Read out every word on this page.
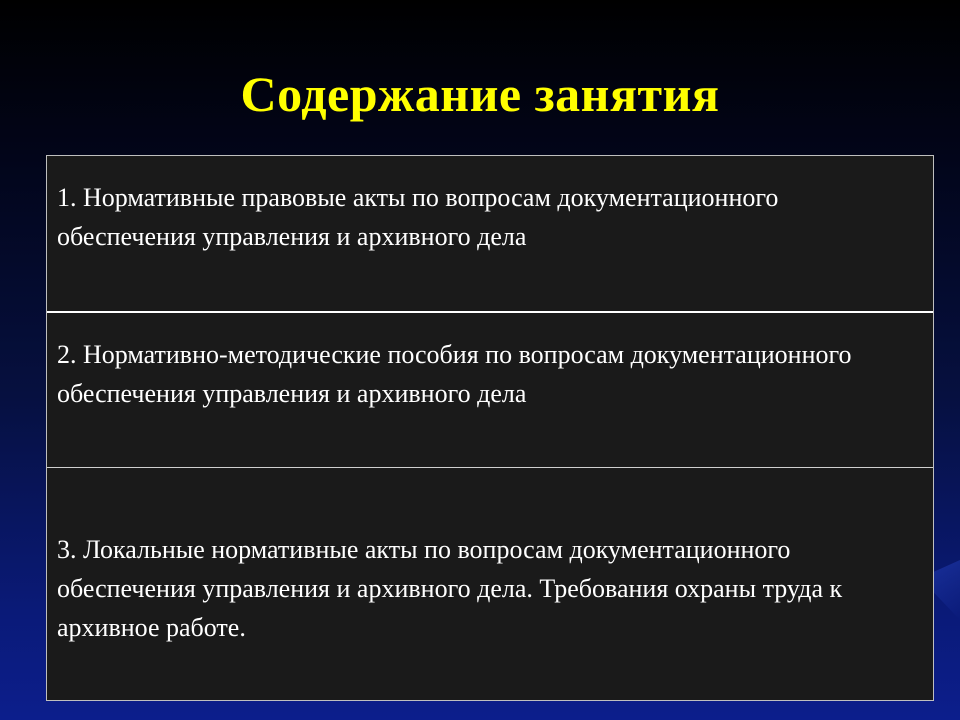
Содержание занятия
1. Нормативные правовые акты по вопросам документационного обеспечения управления и архивного дела
2. Нормативно-методические пособия по вопросам документационного обеспечения управления и архивного дела
3. Локальные нормативные акты по вопросам документационного обеспечения управления и архивного дела. Требования охраны труда к архивное работе.
